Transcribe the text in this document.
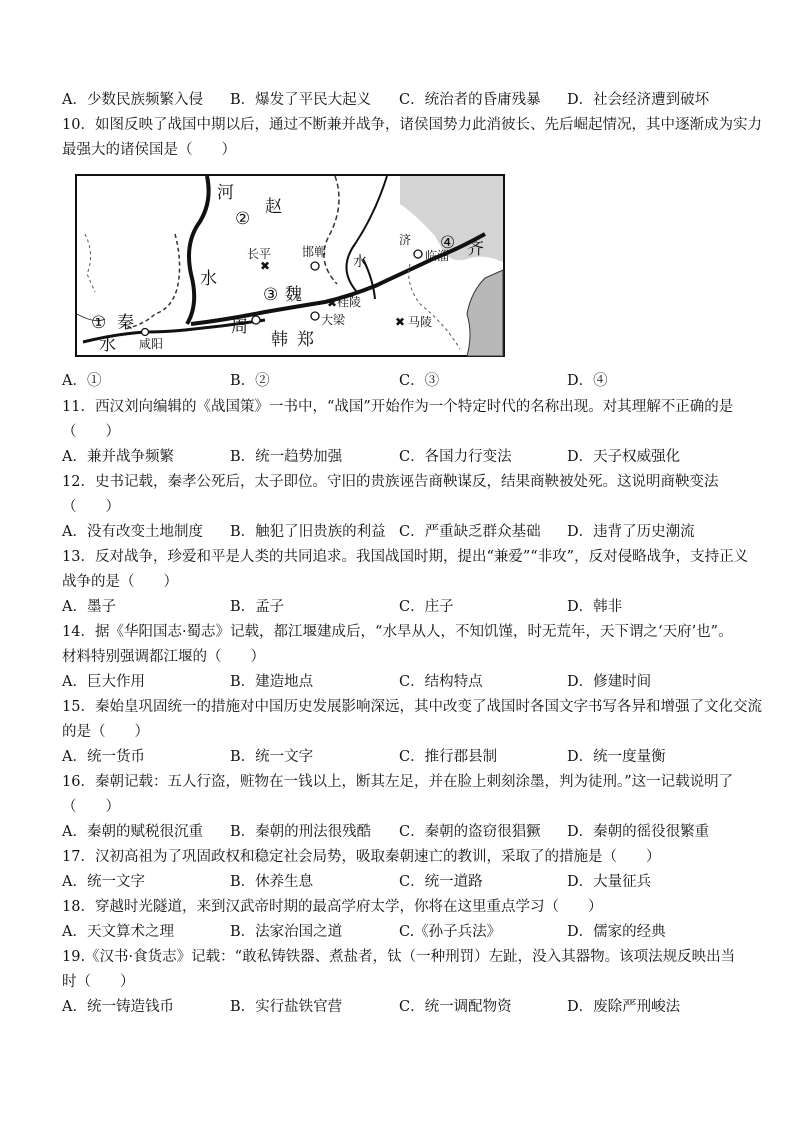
A．少数民族频繁入侵 B．爆发了平民大起义 C．统治者的昏庸残暴 D．社会经济遭到破坏
10．如图反映了战国中期以后，通过不断兼并战争，诸侯国势力此消彼长、先后崛起情况，其中逐渐成为实力
最强大的诸侯国是（　　）
✖
✖
✖
河
赵
②
水
长平	邯郸
水
济
临淄
④ 齐
③ 魏	桂陵
大梁	马陵
周
韩 郑
① 秦
水 咸阳
A．①	B．②	C．③	D．④
11．西汉刘向编辑的《战国策》一书中，“战国”开始作为一个特定时代的名称出现。对其理解不正确的是
（　　）
A．兼并战争频繁	B．统一趋势加强	C．各国力行变法	D．天子权威强化
12．史书记载，秦孝公死后，太子即位。守旧的贵族诬告商鞅谋反，结果商鞅被处死。这说明商鞅变法
（　　）
A．没有改变土地制度 B．触犯了旧贵族的利益 C．严重缺乏群众基础 D．违背了历史潮流
13．反对战争，珍爱和平是人类的共同追求。我国战国时期，提出“兼爱”“非攻”，反对侵略战争，支持正义
战争的是（　　）
A．墨子	B．孟子	C．庄子	D．韩非
14．据《华阳国志·蜀志》记载，都江堰建成后，“水旱从人，不知饥馑，时无荒年，天下谓之‘天府’也”。
材料特别强调都江堰的（　　）
A．巨大作用	B．建造地点	C．结构特点	D．修建时间
15．秦始皇巩固统一的措施对中国历史发展影响深远，其中改变了战国时各国文字书写各异和增强了文化交流
的是（　　）
A．统一货币	B．统一文字	C．推行郡县制	D．统一度量衡
16．秦朝记载：五人行盗，赃物在一钱以上，断其左足，并在脸上刺刻涂墨，判为徒刑。”这一记载说明了
（　　）
A．秦朝的赋税很沉重 B．秦朝的刑法很残酷 C．秦朝的盗窃很猖獗 D．秦朝的徭役很繁重
17．汉初高祖为了巩固政权和稳定社会局势，吸取秦朝速亡的教训，采取了的措施是（　　）
A．统一文字	B．休养生息	C．统一道路	D．大量征兵
18．穿越时光隧道，来到汉武帝时期的最高学府太学，你将在这里重点学习（　　）
A．天文算术之理	B．法家治国之道	C.《孙子兵法》	D．儒家的经典
19.《汉书·食货志》记载：“敢私铸铁器、煮盐者，钛（一种刑罚）左趾，没入其器物。该项法规反映出当
时（　　）
A．统一铸造钱币	B．实行盐铁官营	C．统一调配物资	D．废除严刑峻法
